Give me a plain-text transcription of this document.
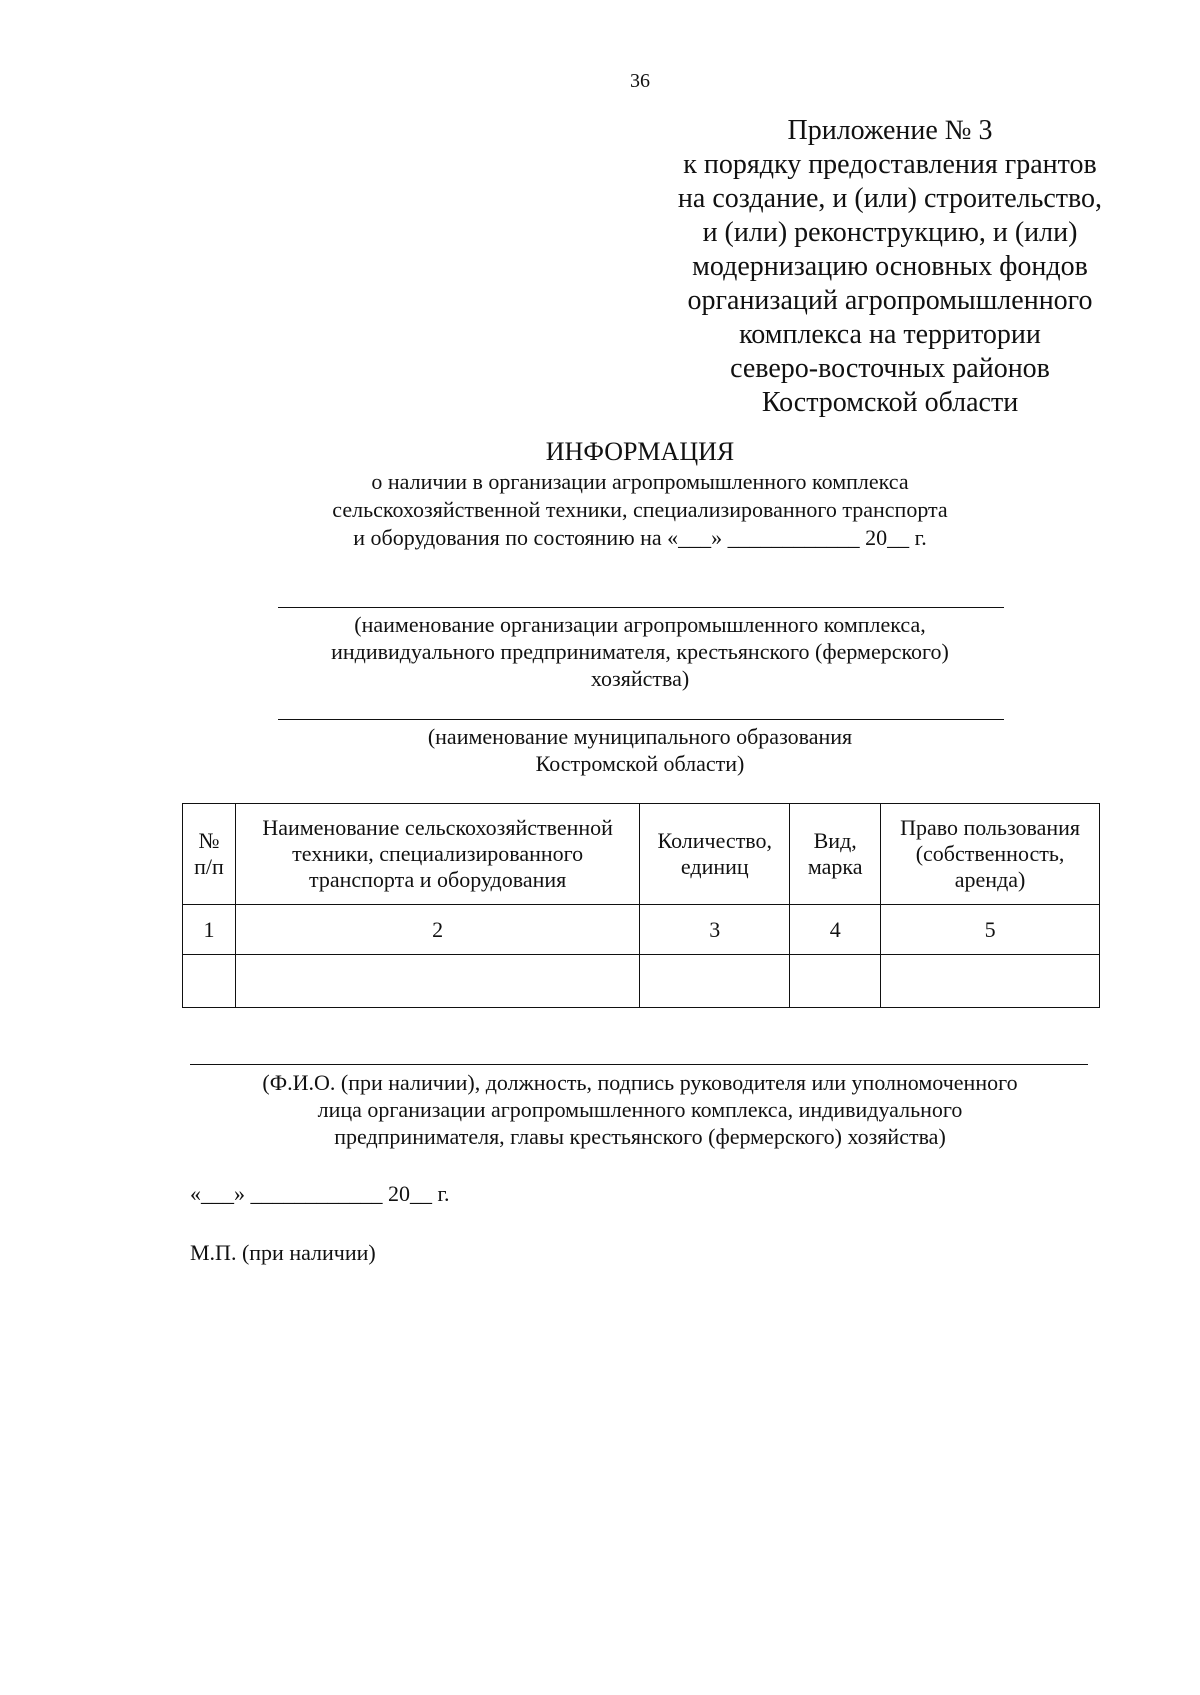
36
Приложение № 3
к порядку предоставления грантов
на создание, и (или) строительство,
и (или) реконструкцию, и (или)
модернизацию основных фондов
организаций агропромышленного
комплекса на территории
северо-восточных районов
Костромской области
ИНФОРМАЦИЯ
о наличии в организации агропромышленного комплекса
сельскохозяйственной техники, специализированного транспорта
и оборудования по состоянию на «___» ____________ 20__ г.
(наименование организации агропромышленного комплекса,
индивидуального предпринимателя, крестьянского (фермерского)
хозяйства)
(наименование муниципального образования
Костромской области)
№ п/п	Наименование сельскохозяйственной техники, специализированного транспорта и оборудования	Количество, единиц	Вид, марка	Право пользования (собственность, аренда)
1	2	3	4	5

(Ф.И.О. (при наличии), должность, подпись руководителя или уполномоченного
лица организации агропромышленного комплекса, индивидуального
предпринимателя, главы крестьянского (фермерского) хозяйства)
«___» ____________ 20__ г.
М.П. (при наличии)
